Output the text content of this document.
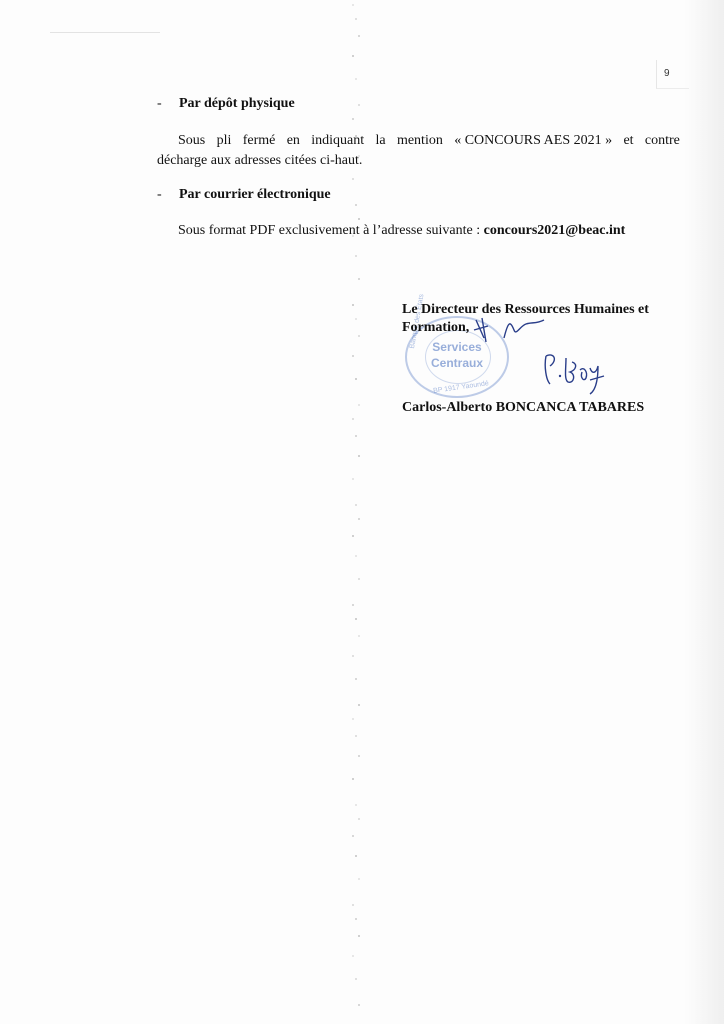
9
- Par dépôt physique
Sous pli fermé en indiquant la mention « CONCOURS AES 2021 » et contre
décharge aux adresses citées ci-haut.
- Par courrier électronique
Sous format PDF exclusivement à l’adresse suivante : concours2021@beac.int
Services
Centraux
Banque des États
BP 1917 Yaoundé
Le Directeur des Ressources Humaines et
Formation,
Carlos-Alberto BONCANCA TABARES
